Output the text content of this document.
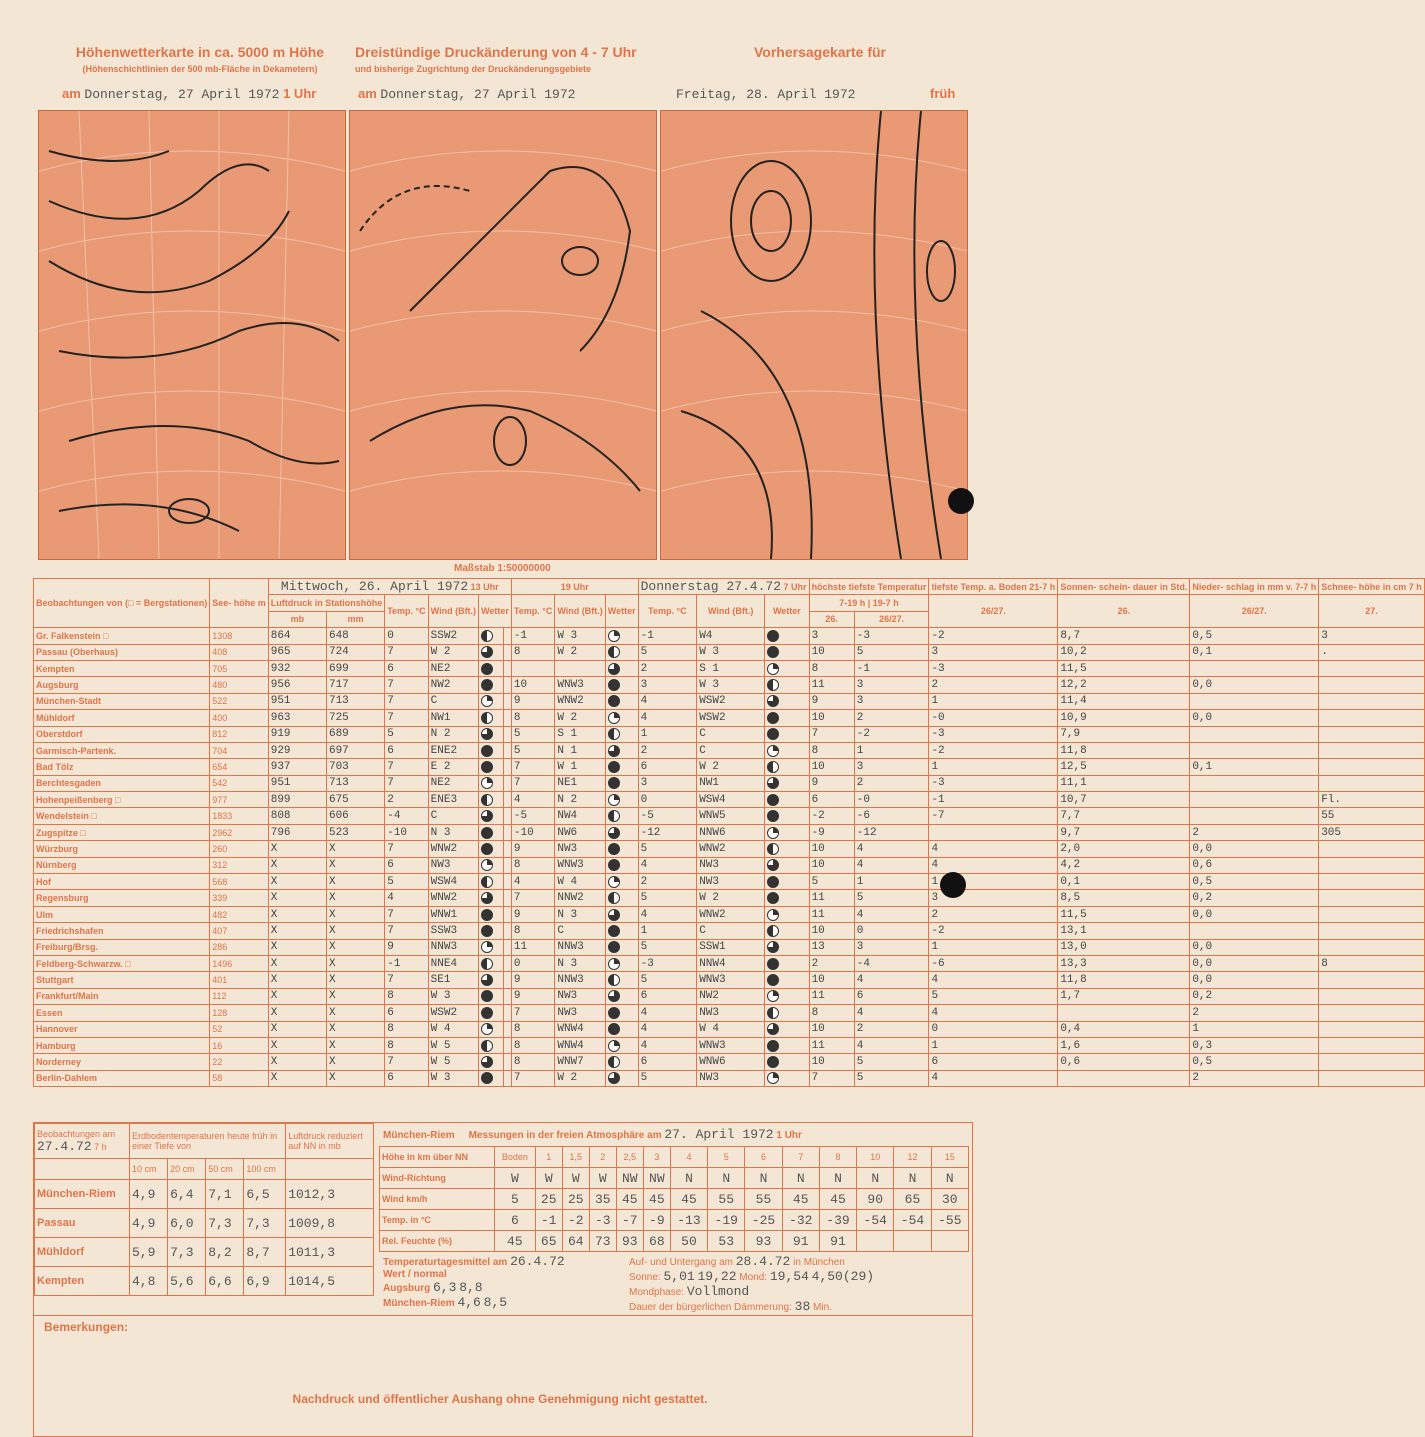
Höhenwetterkarte in ca. 5000 m Höhe
(Höhenschichtlinien der 500 mb-Fläche in Dekametern)
Dreistündige Druckänderung von 4 - 7 Uhr
und bisherige Zugrichtung der Druckänderungsgebiete
Vorhersagekarte für
am Donnerstag, 27 April 1972 1 Uhr	am Donnerstag, 27 April 1972	Freitag, 28. April 1972	früh
Maßstab 1:50000000
Beobachtungen von (□ = Bergstationen)	See- höhe m	Mittwoch, 26. April 1972 13 Uhr						19 Uhr			Donnerstag 27.4.72 7 Uhr			höchste tiefste Temperatur		tiefste Temp. a. Boden 21-7 h	Sonnen- schein- dauer in Std.	Nieder- schlag in mm v. 7-7 h	Schnee- höhe in cm 7 h
		Luftdruck in Stationshöhe		Temp. °C	Wind (Bft.)	Wetter		Temp. °C	Wind (Bft.)	Wetter	Temp. °C	Wind (Bft.)	Wetter	7-19 h | 19-7 h		26/27.	26.	26/27.	27.
		mb	mm											26.	26/27.				
Gr. Falkenstein □	1308	864	648	0	SSW2			-1	W 3		-1	W4		3	-3	-2	8,7	0,5	3
Passau (Oberhaus)	408	965	724	7	W 2			8	W 2		5	W 3		10	5	3	10,2	0,1	.
Kempten	705	932	699	6	NE2						2	S 1		8	-1	-3	11,5		
Augsburg	480	956	717	7	NW2			10	WNW3		3	W 3		11	3	2	12,2	0,0	
München-Stadt	522	951	713	7	C			9	WNW2		4	WSW2		9	3	1	11,4		
Mühldorf	400	963	725	7	NW1			8	W 2		4	WSW2		10	2	-0	10,9	0,0	
Oberstdorf	812	919	689	5	N 2			5	S 1		1	C		7	-2	-3	7,9		
Garmisch-Partenk.	704	929	697	6	ENE2			5	N 1		2	C		8	1	-2	11,8		
Bad Tölz	654	937	703	7	E 2			7	W 1		6	W 2		10	3	1	12,5	0,1	
Berchtesgaden	542	951	713	7	NE2			7	NE1		3	NW1		9	2	-3	11,1		
Hohenpeißenberg □	977	899	675	2	ENE3			4	N 2		0	WSW4		6	-0	-1	10,7		Fl.
Wendelstein □	1833	808	606	-4	C			-5	NW4		-5	WNW5		-2	-6	-7	7,7		55
Zugspitze □	2962	796	523	-10	N 3			-10	NW6		-12	NNW6		-9	-12		9,7	2	305
Würzburg	260	X	X	7	WNW2			9	NW3		5	WNW2		10	4	4	2,0	0,0	
Nürnberg	312	X	X	6	NW3			8	WNW3		4	NW3		10	4	4	4,2	0,6	
Hof	568	X	X	5	WSW4			4	W 4		2	NW3		5	1	1	0,1	0,5	
Regensburg	339	X	X	4	WNW2			7	NNW2		5	W 2		11	5	3	8,5	0,2	
Ulm	482	X	X	7	WNW1			9	N 3		4	WNW2		11	4	2	11,5	0,0	
Friedrichshafen	407	X	X	7	SSW3			8	C		1	C		10	0	-2	13,1		
Freiburg/Brsg.	286	X	X	9	NNW3			11	NNW3		5	SSW1		13	3	1	13,0	0,0	
Feldberg-Schwarzw. □	1496	X	X	-1	NNE4			0	N 3		-3	NNW4		2	-4	-6	13,3	0,0	8
Stuttgart	401	X	X	7	SE1			9	NNW3		5	WNW3		10	4	4	11,8	0,0	
Frankfurt/Main	112	X	X	8	W 3			9	NW3		6	NW2		11	6	5	1,7	0,2	
Essen	128	X	X	6	WSW2			7	NW3		4	NW3		8	4	4		2	
Hannover	52	X	X	8	W 4			8	WNW4		4	W 4		10	2	0	0,4	1	
Hamburg	16	X	X	8	W 5			8	WNW4		4	WNW3		11	4	1	1,6	0,3	
Norderney	22	X	X	7	W 5			8	WNW7		6	WNW6		10	5	6	0,6	0,5	
Berlin-Dahlem	58	X	X	6	W 3			7	W 2		5	NW3		7	5	4		2	
Beobachtungen am
27.4.72 7 h	Erdbodentemperaturen heute früh in einer Tiefe von				Luftdruck reduziert auf NN in mb
	10 cm	20 cm	50 cm	100 cm	
München-Riem	4,9	6,4	7,1	6,5	1012,3
Passau	4,9	6,0	7,3	7,3	1009,8
Mühldorf	5,9	7,3	8,2	8,7	1011,3
Kempten	4,8	5,6	6,6	6,9	1014,5
München-Riem Messungen in der freien Atmosphäre am 27. April 1972 1 Uhr
Höhe in km über NN	Boden	1	1,5	2	2,5	3	4	5	6	7	8	10	12	15
Wind-Richtung	W	W	W	W	NW	NW	N	N	N	N	N	N	N	N
Wind km/h	5	25	25	35	45	45	45	55	55	45	45	90	65	30
Temp. in °C	6	-1	-2	-3	-7	-9	-13	-19	-25	-32	-39	-54	-54	-55
Rel. Feuchte (%)	45	65	64	73	93	68	50	53	93	91	91			
Temperaturtagesmittel am 26.4.72
Wert / normal
Augsburg 6,3 8,8
München-Riem 4,6 8,5
Auf- und Untergang am 28.4.72 in München
Sonne: 5,01 19,22 Mond: 19,54 4,50(29)
Mondphase: Vollmond
Dauer der bürgerlichen Dämmerung: 38 Min.
Bemerkungen:
Nachdruck und öffentlicher Aushang ohne Genehmigung nicht gestattet.
